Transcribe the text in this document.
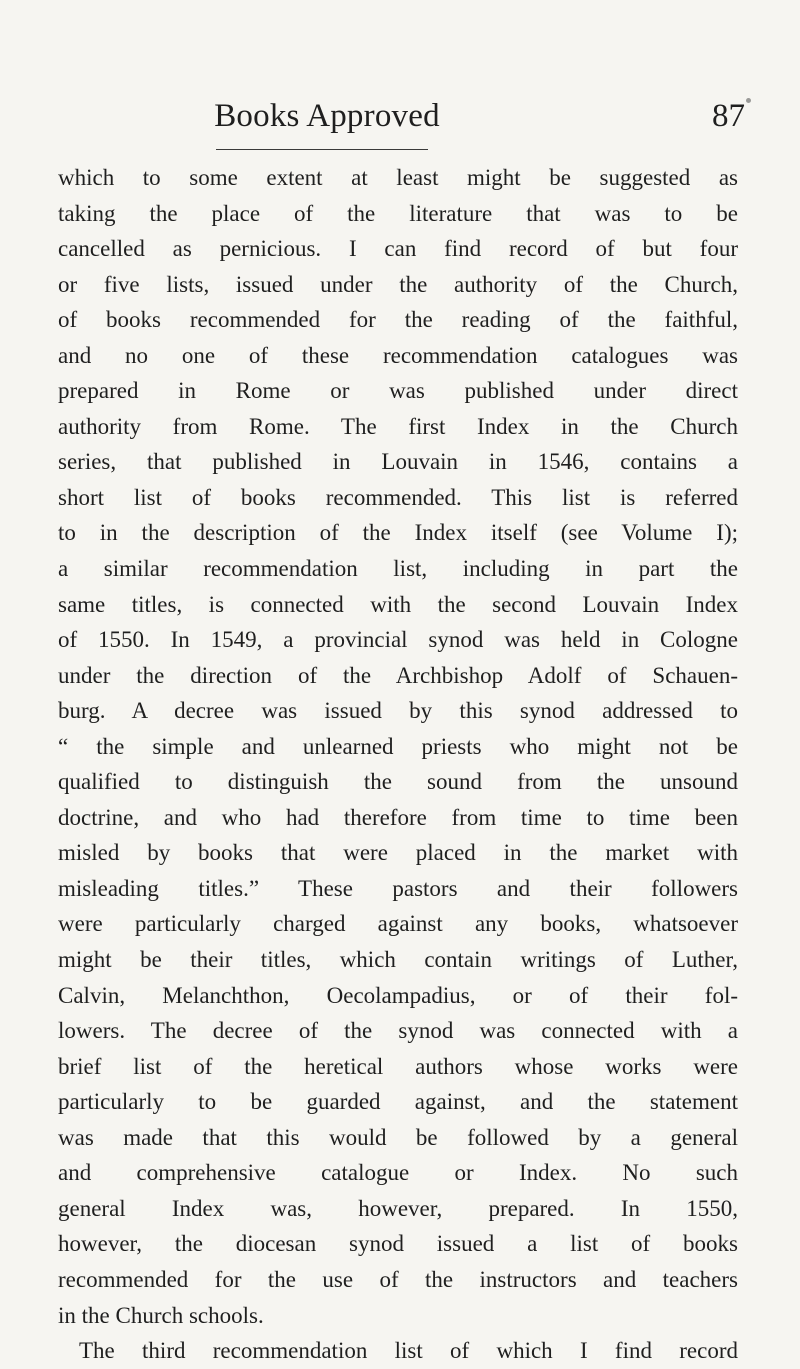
Books Approved	87
which to some extent at least might be suggested as
taking the place of the literature that was to be
cancelled as pernicious. I can find record of but four
or five lists, issued under the authority of the Church,
of books recommended for the reading of the faithful,
and no one of these recommendation catalogues was
prepared in Rome or was published under direct
authority from Rome. The first Index in the Church
series, that published in Louvain in 1546, contains a
short list of books recommended. This list is referred
to in the description of the Index itself (see Volume I);
a similar recommendation list, including in part the
same titles, is connected with the second Louvain Index
of 1550. In 1549, a provincial synod was held in Cologne
under the direction of the Archbishop Adolf of Schauen-
burg. A decree was issued by this synod addressed to
“ the simple and unlearned priests who might not be
qualified to distinguish the sound from the unsound
doctrine, and who had therefore from time to time been
misled by books that were placed in the market with
misleading titles.” These pastors and their followers
were particularly charged against any books, whatsoever
might be their titles, which contain writings of Luther,
Calvin, Melanchthon, Oecolampadius, or of their fol-
lowers. The decree of the synod was connected with a
brief list of the heretical authors whose works were
particularly to be guarded against, and the statement
was made that this would be followed by a general
and comprehensive catalogue or Index. No such
general Index was, however, prepared. In 1550,
however, the diocesan synod issued a list of books
recommended for the use of the instructors and teachers
in the Church schools.
The third recommendation list of which I find record
